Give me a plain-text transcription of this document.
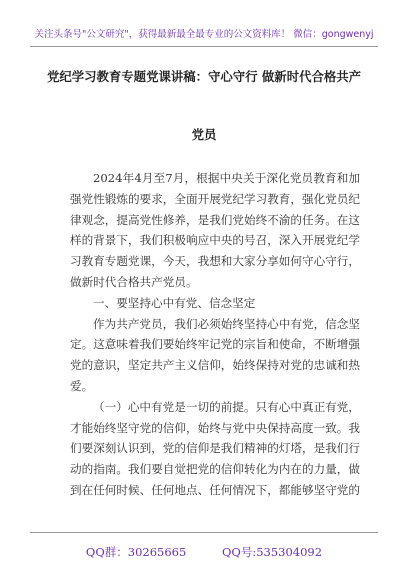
关注头条号"公文研究"，获得最新最全最专业的公文资料库！ 微信：gongwenyj
党纪学习教育专题党课讲稿：守心守行 做新时代合格共产
党员
2024年4月至7月，根据中央关于深化党员教育和加
强党性锻炼的要求，全面开展党纪学习教育，强化党员纪
律观念，提高党性修养，是我们党始终不渝的任务。在这
样的背景下，我们积极响应中央的号召，深入开展党纪学
习教育专题党课，今天，我想和大家分享如何守心守行，
做新时代合格共产党员。
一、要坚持心中有党、信念坚定
作为共产党员，我们必须始终坚持心中有党，信念坚
定。这意味着我们要始终牢记党的宗旨和使命，不断增强
党的意识，坚定共产主义信仰，始终保持对党的忠诚和热
爱。
（一）心中有党是一切的前提。只有心中真正有党，
才能始终坚守党的信仰，始终与党中央保持高度一致。我
们要深刻认识到，党的信仰是我们精神的灯塔，是我们行
动的指南。我们要自觉把党的信仰转化为内在的力量，做
到在任何时候、任何地点、任何情况下，都能够坚守党的
QQ群：30265665	QQ号:535304092
